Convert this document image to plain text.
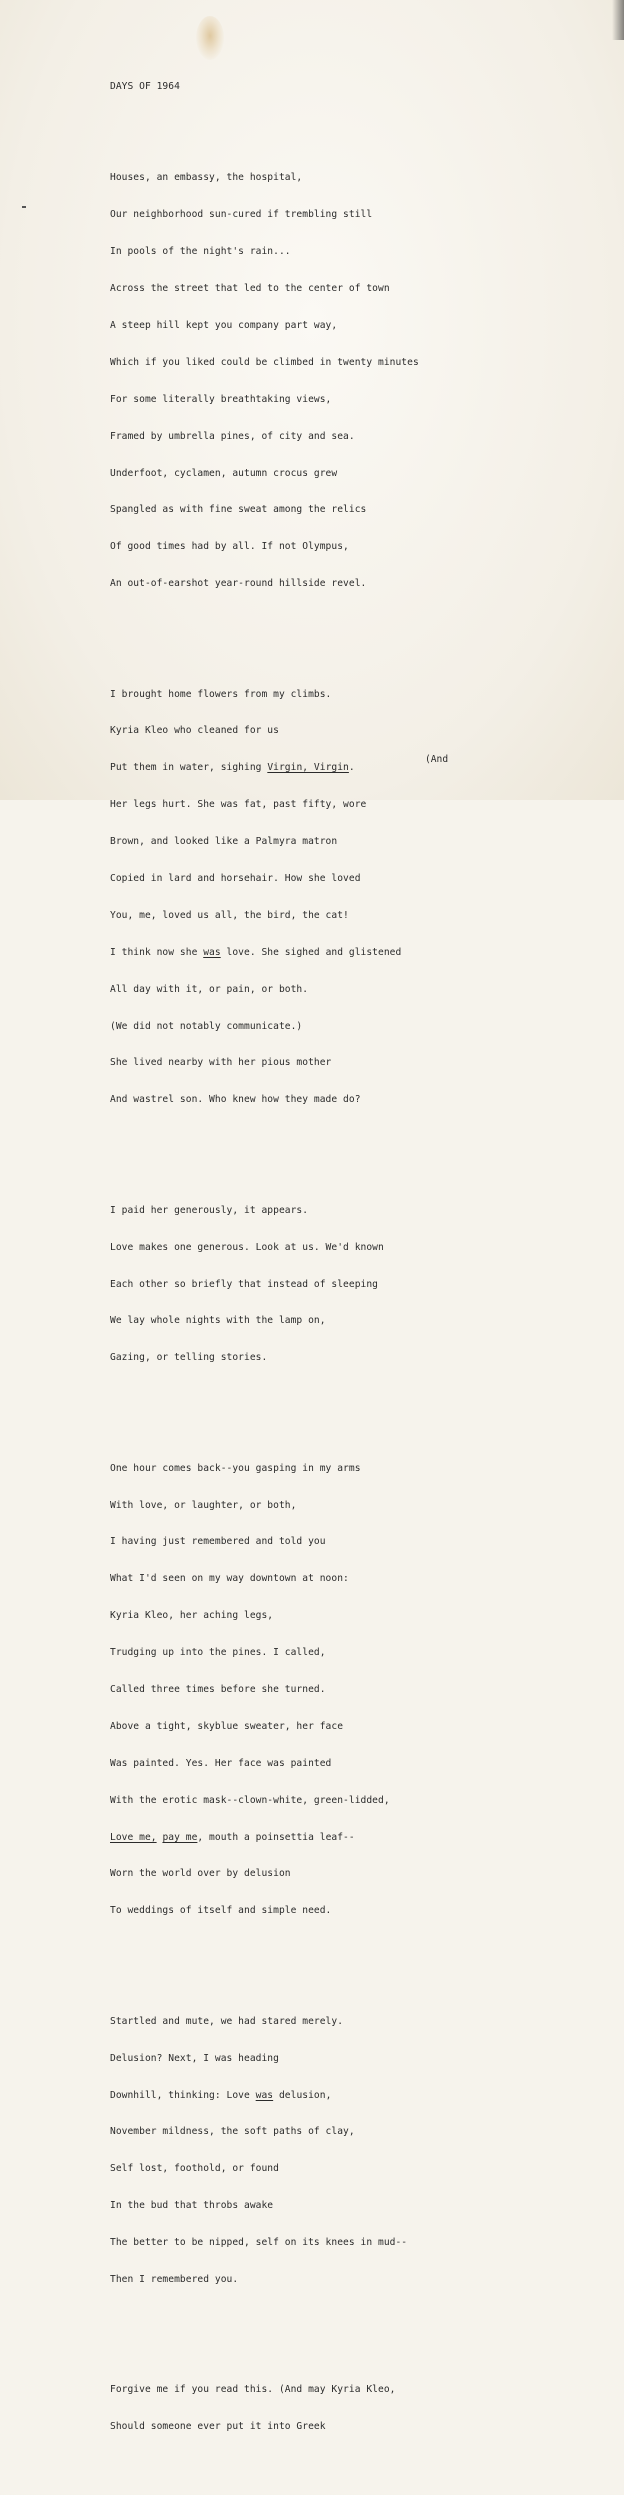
DAYS OF 1964

Houses, an embassy, the hospital,

Our neighborhood sun-cured if trembling still

In pools of the night's rain...

Across the street that led to the center of town

A steep hill kept you company part way,

Which if you liked could be climbed in twenty minutes

For some literally breathtaking views,

Framed by umbrella pines, of city and sea.

Underfoot, cyclamen, autumn crocus grew

Spangled as with fine sweat among the relics

Of good times had by all. If not Olympus,

An out-of-earshot year-round hillside revel.

I brought home flowers from my climbs.

Kyria Kleo who cleaned for us

Put them in water, sighing Virgin, Virgin.

Her legs hurt. She was fat, past fifty, wore

Brown, and looked like a Palmyra matron

Copied in lard and horsehair. How she loved

You, me, loved us all, the bird, the cat!

I think now she was love. She sighed and glistened

All day with it, or pain, or both.

(We did not notably communicate.)

She lived nearby with her pious mother

And wastrel son. Who knew how they made do?

I paid her generously, it appears.

Love makes one generous. Look at us. We'd known

Each other so briefly that instead of sleeping

We lay whole nights with the lamp on,

Gazing, or telling stories.

One hour comes back--you gasping in my arms

With love, or laughter, or both,

I having just remembered and told you

What I'd seen on my way downtown at noon:

Kyria Kleo, her aching legs,

Trudging up into the pines. I called,

Called three times before she turned.

Above a tight, skyblue sweater, her face

Was painted. Yes. Her face was painted

With the erotic mask--clown-white, green-lidded,

Love me, pay me, mouth a poinsettia leaf--

Worn the world over by delusion

To weddings of itself and simple need.

Startled and mute, we had stared merely.

Delusion? Next, I was heading

Downhill, thinking: Love was delusion,

November mildness, the soft paths of clay,

Self lost, foothold, or found

In the bud that throbs awake

The better to be nipped, self on its knees in mud--

Then I remembered you.

Forgive me if you read this. (And may Kyria Kleo,

Should someone ever put it into Greek

(And
